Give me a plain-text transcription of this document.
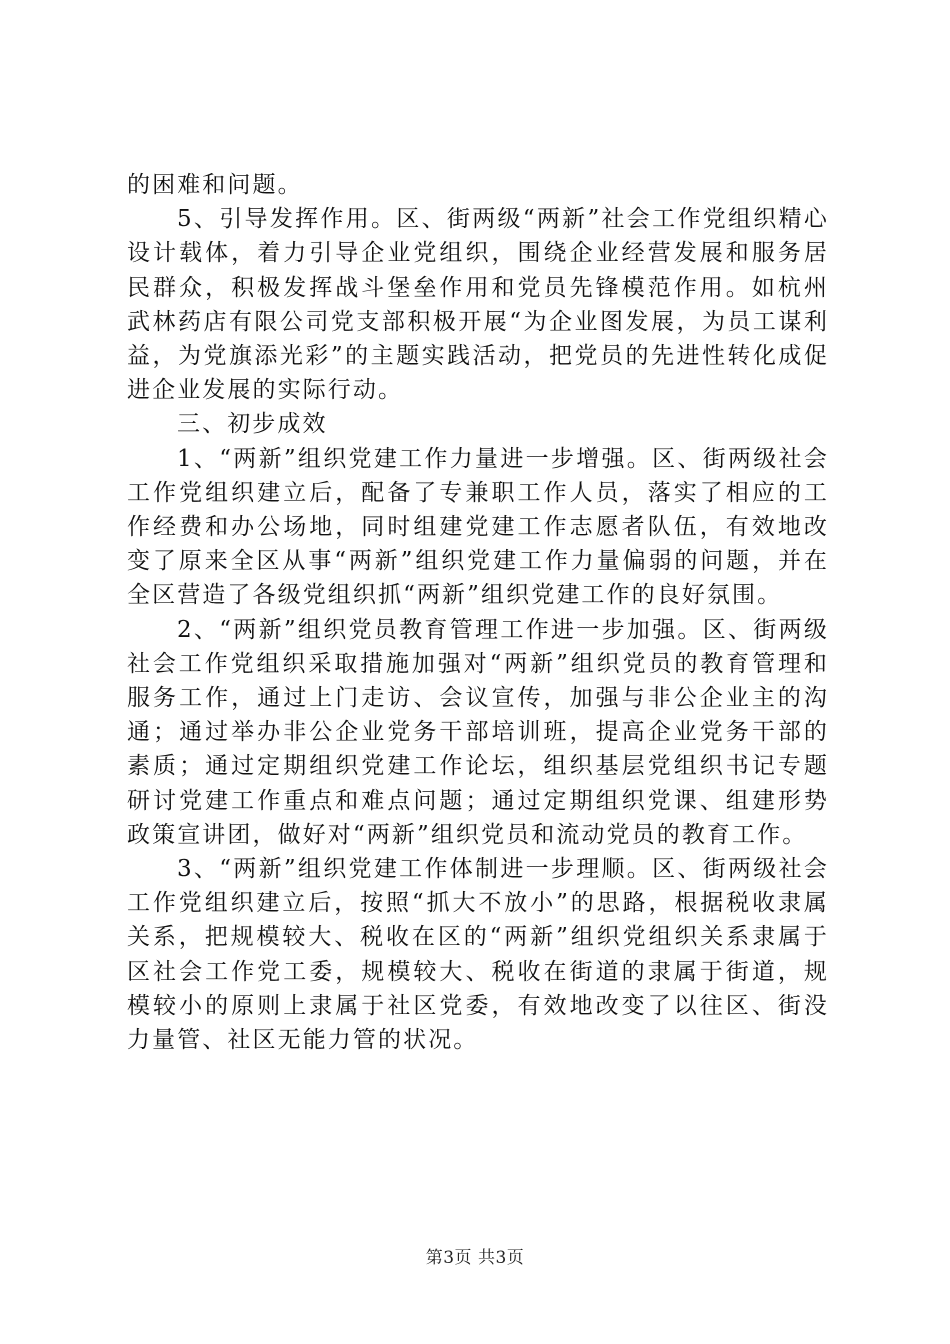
的困难和问题。

5、引导发挥作用。区、街两级“两新”社会工作党组织精心设计载体，着力引导企业党组织，围绕企业经营发展和服务居民群众，积极发挥战斗堡垒作用和党员先锋模范作用。如杭州武林药店有限公司党支部积极开展“为企业图发展，为员工谋利益，为党旗添光彩”的主题实践活动，把党员的先进性转化成促进企业发展的实际行动。

三、初步成效

1、“两新”组织党建工作力量进一步增强。区、街两级社会工作党组织建立后，配备了专兼职工作人员，落实了相应的工作经费和办公场地，同时组建党建工作志愿者队伍，有效地改变了原来全区从事“两新”组织党建工作力量偏弱的问题，并在全区营造了各级党组织抓“两新”组织党建工作的良好氛围。

2、“两新”组织党员教育管理工作进一步加强。区、街两级社会工作党组织采取措施加强对“两新”组织党员的教育管理和服务工作，通过上门走访、会议宣传，加强与非公企业主的沟通；通过举办非公企业党务干部培训班，提高企业党务干部的素质；通过定期组织党建工作论坛，组织基层党组织书记专题研讨党建工作重点和难点问题；通过定期组织党课、组建形势政策宣讲团，做好对“两新”组织党员和流动党员的教育工作。

3、“两新”组织党建工作体制进一步理顺。区、街两级社会工作党组织建立后，按照“抓大不放小”的思路，根据税收隶属关系，把规模较大、税收在区的“两新”组织党组织关系隶属于区社会工作党工委，规模较大、税收在街道的隶属于街道，规模较小的原则上隶属于社区党委，有效地改变了以往区、街没力量管、社区无能力管的状况。

第3页 共3页
